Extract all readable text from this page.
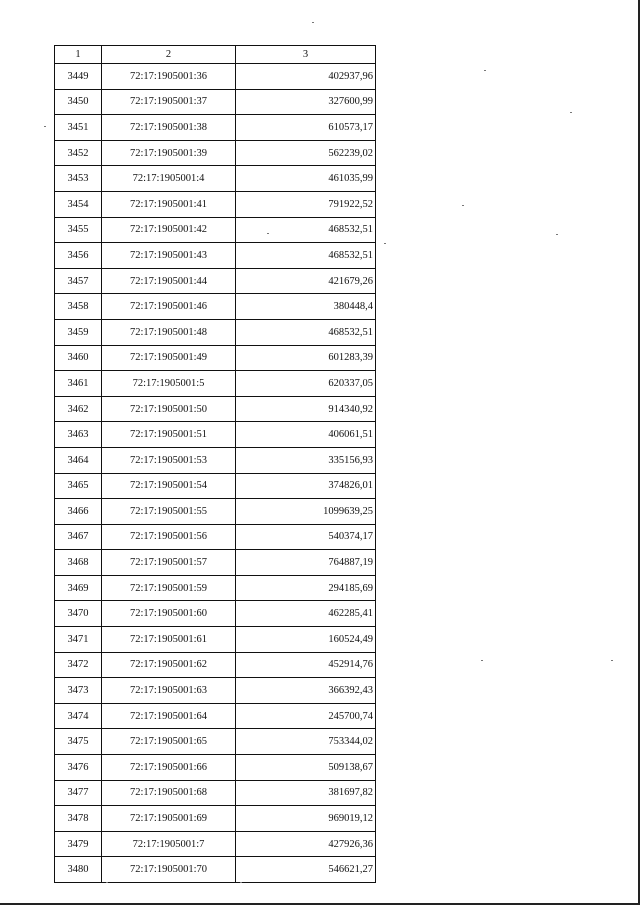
1	2	3
3449	72:17:1905001:36	402937,96
3450	72:17:1905001:37	327600,99
3451	72:17:1905001:38	610573,17
3452	72:17:1905001:39	562239,02
3453	72:17:1905001:4	461035,99
3454	72:17:1905001:41	791922,52
3455	72:17:1905001:42	468532,51
3456	72:17:1905001:43	468532,51
3457	72:17:1905001:44	421679,26
3458	72:17:1905001:46	380448,4
3459	72:17:1905001:48	468532,51
3460	72:17:1905001:49	601283,39
3461	72:17:1905001:5	620337,05
3462	72:17:1905001:50	914340,92
3463	72:17:1905001:51	406061,51
3464	72:17:1905001:53	335156,93
3465	72:17:1905001:54	374826,01
3466	72:17:1905001:55	1099639,25
3467	72:17:1905001:56	540374,17
3468	72:17:1905001:57	764887,19
3469	72:17:1905001:59	294185,69
3470	72:17:1905001:60	462285,41
3471	72:17:1905001:61	160524,49
3472	72:17:1905001:62	452914,76
3473	72:17:1905001:63	366392,43
3474	72:17:1905001:64	245700,74
3475	72:17:1905001:65	753344,02
3476	72:17:1905001:66	509138,67
3477	72:17:1905001:68	381697,82
3478	72:17:1905001:69	969019,12
3479	72:17:1905001:7	427926,36
3480	72:17:1905001:70	546621,27
